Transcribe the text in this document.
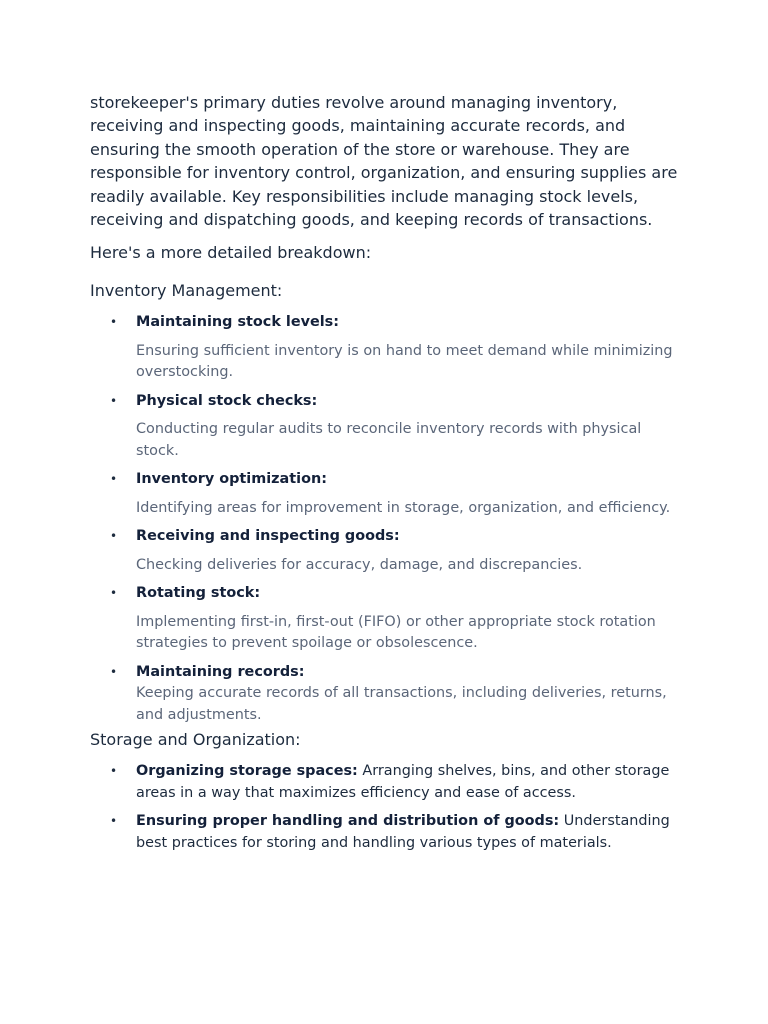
storekeeper's primary duties revolve around managing inventory, receiving and inspecting goods, maintaining accurate records, and ensuring the smooth operation of the store or warehouse. They are responsible for inventory control, organization, and ensuring supplies are readily available. Key responsibilities include managing stock levels, receiving and dispatching goods, and keeping records of transactions.

Here's a more detailed breakdown:

Inventory Management:

• Maintaining stock levels:
Ensuring sufficient inventory is on hand to meet demand while minimizing overstocking.
• Physical stock checks:
Conducting regular audits to reconcile inventory records with physical stock.
• Inventory optimization:
Identifying areas for improvement in storage, organization, and efficiency.
• Receiving and inspecting goods:
Checking deliveries for accuracy, damage, and discrepancies.
• Rotating stock:
Implementing first-in, first-out (FIFO) or other appropriate stock rotation strategies to prevent spoilage or obsolescence.
• Maintaining records:
Keeping accurate records of all transactions, including deliveries, returns, and adjustments.

Storage and Organization:

• Organizing storage spaces: Arranging shelves, bins, and other storage areas in a way that maximizes efficiency and ease of access.
• Ensuring proper handling and distribution of goods: Understanding best practices for storing and handling various types of materials.
